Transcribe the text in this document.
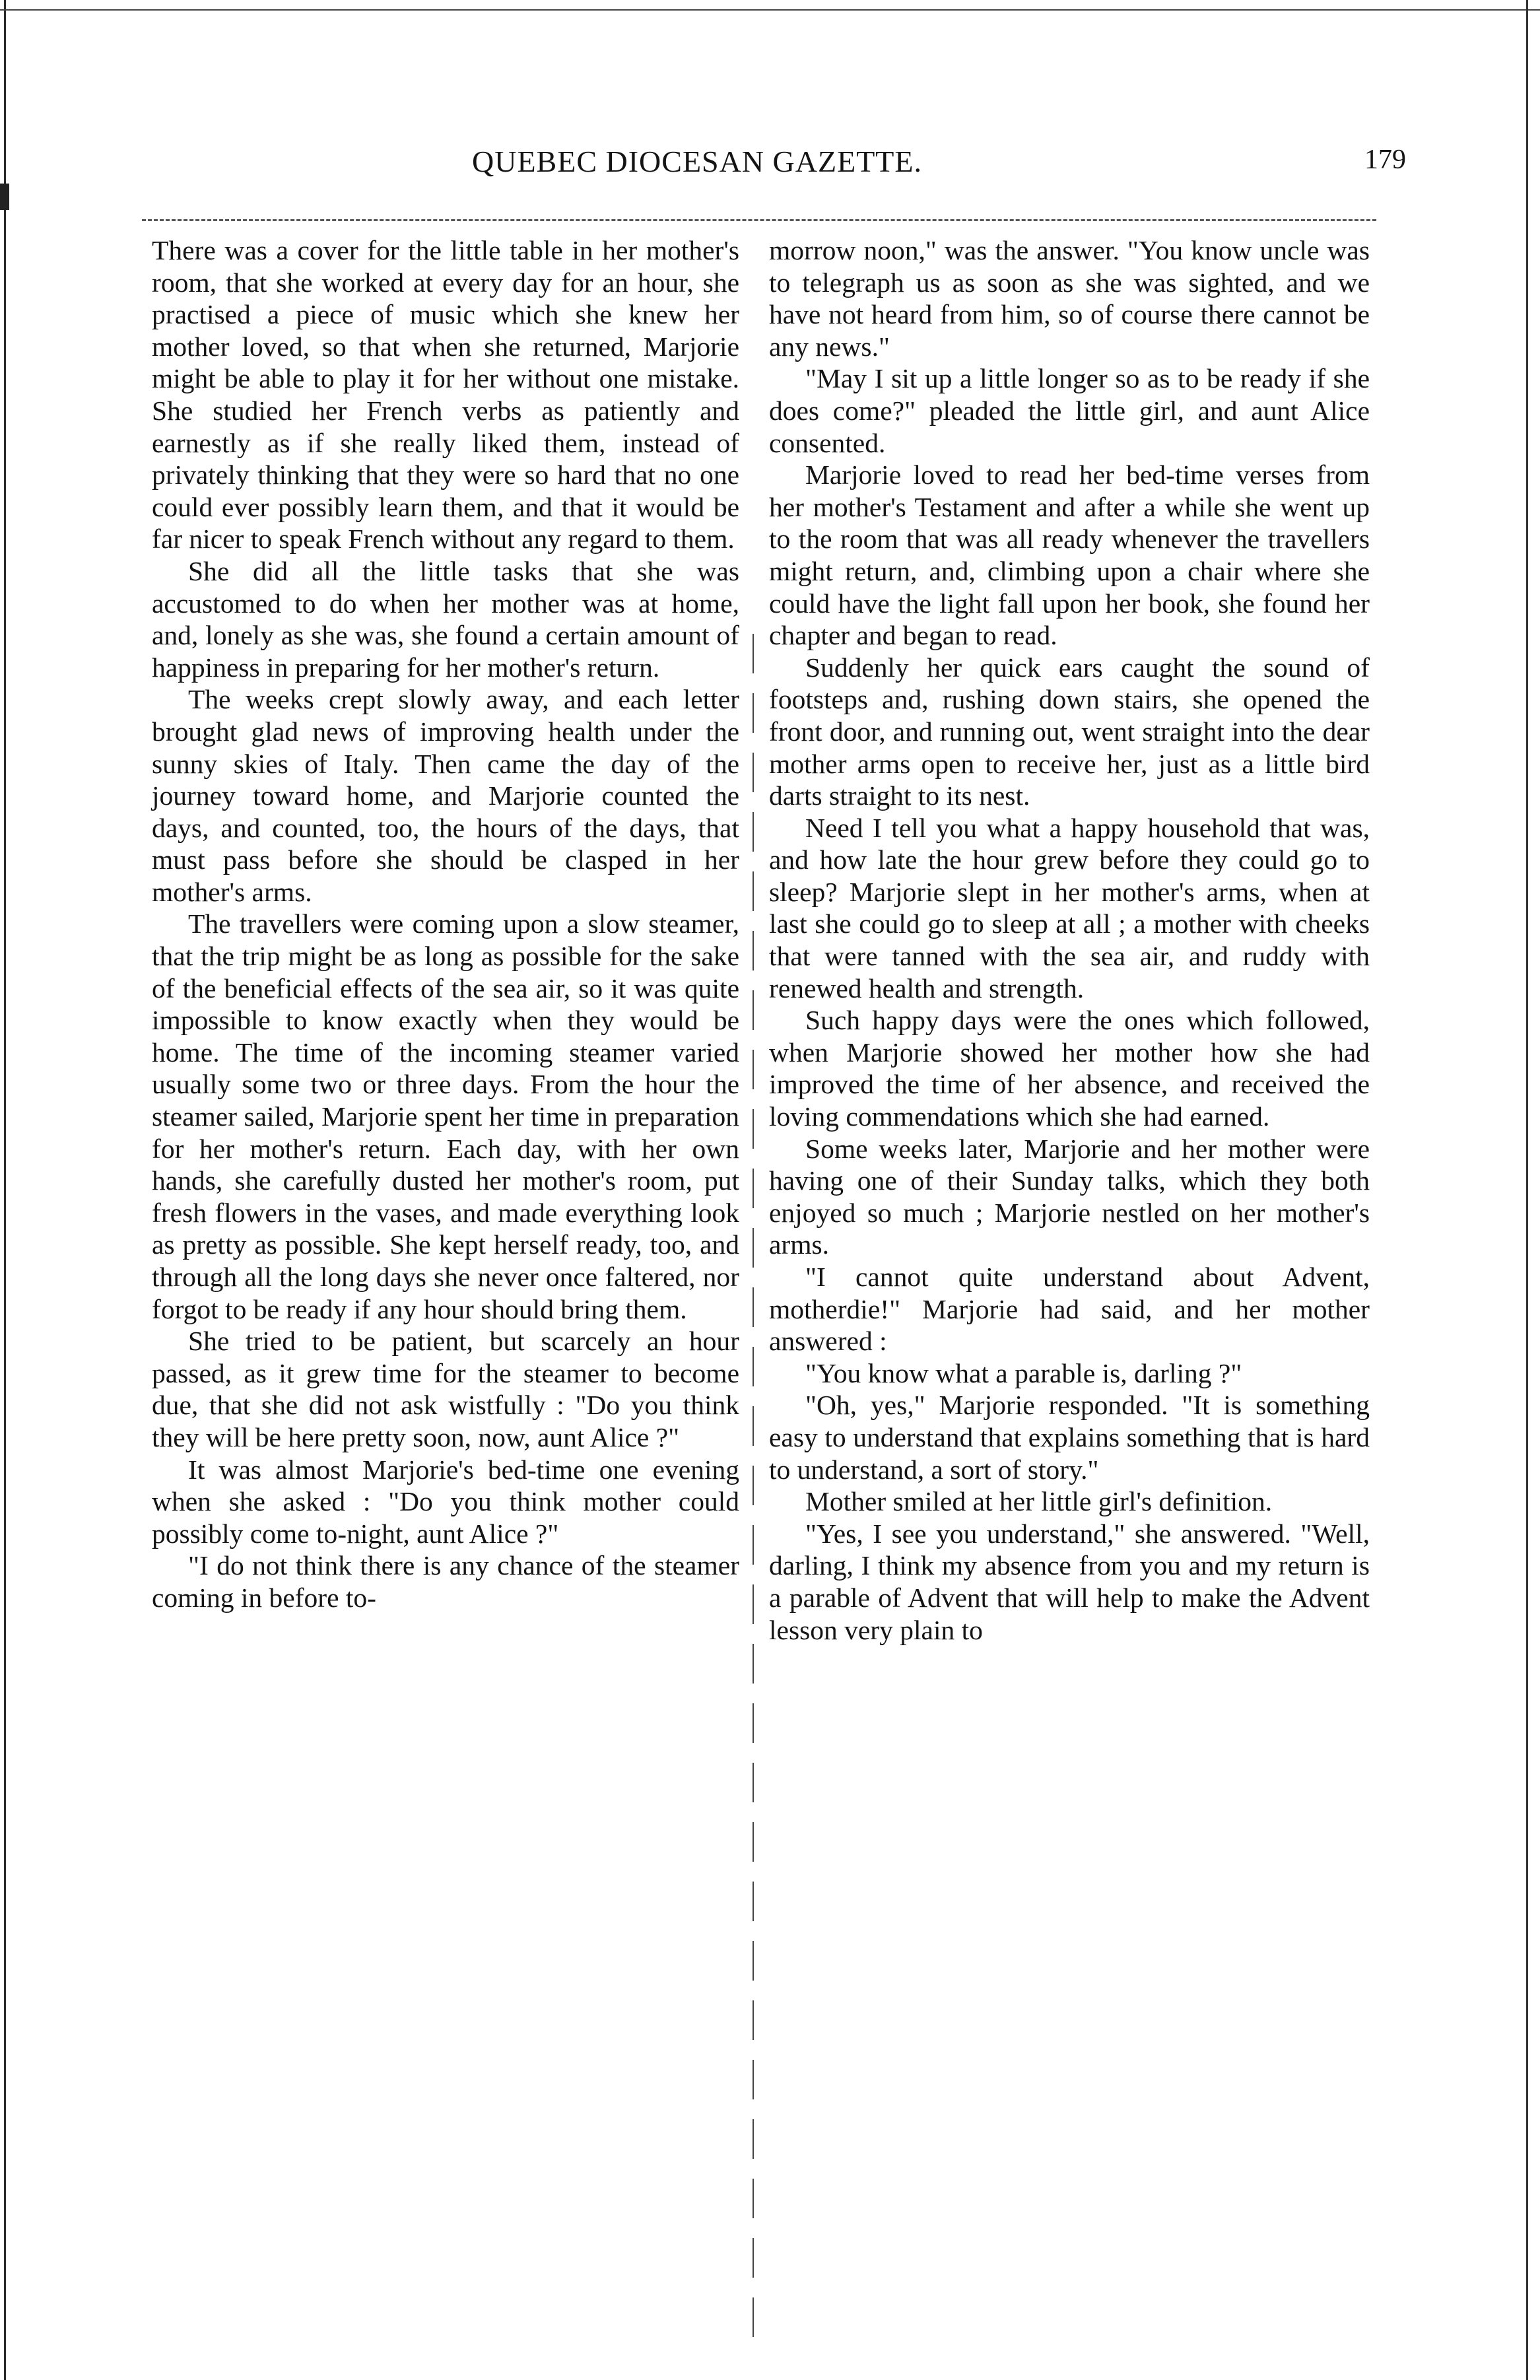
QUEBEC DIOCESAN GAZETTE.	179

There was a cover for the little table in her mother's room, that she worked at every day for an hour, she practised a piece of music which she knew her mother loved, so that when she returned, Marjorie might be able to play it for her without one mistake. She studied her French verbs as patiently and earnestly as if she really liked them, instead of privately thinking that they were so hard that no one could ever possibly learn them, and that it would be far nicer to speak French without any regard to them.

She did all the little tasks that she was accustomed to do when her mother was at home, and, lonely as she was, she found a certain amount of happiness in preparing for her mother's return.

The weeks crept slowly away, and each letter brought glad news of improving health under the sunny skies of Italy. Then came the day of the journey toward home, and Marjorie counted the days, and counted, too, the hours of the days, that must pass before she should be clasped in her mother's arms.

The travellers were coming upon a slow steamer, that the trip might be as long as possible for the sake of the beneficial effects of the sea air, so it was quite impossible to know exactly when they would be home. The time of the incoming steamer varied usually some two or three days. From the hour the steamer sailed, Marjorie spent her time in preparation for her mother's return. Each day, with her own hands, she carefully dusted her mother's room, put fresh flowers in the vases, and made everything look as pretty as possible. She kept herself ready, too, and through all the long days she never once faltered, nor forgot to be ready if any hour should bring them.

She tried to be patient, but scarcely an hour passed, as it grew time for the steamer to become due, that she did not ask wistfully : "Do you think they will be here pretty soon, now, aunt Alice ?"

It was almost Marjorie's bed-time one evening when she asked : "Do you think mother could possibly come to-night, aunt Alice ?"

"I do not think there is any chance of the steamer coming in before to-

morrow noon," was the answer. "You know uncle was to telegraph us as soon as she was sighted, and we have not heard from him, so of course there cannot be any news."

"May I sit up a little longer so as to be ready if she does come?" pleaded the little girl, and aunt Alice consented.

Marjorie loved to read her bed-time verses from her mother's Testament and after a while she went up to the room that was all ready whenever the travellers might return, and, climbing upon a chair where she could have the light fall upon her book, she found her chapter and began to read.

Suddenly her quick ears caught the sound of footsteps and, rushing down stairs, she opened the front door, and running out, went straight into the dear mother arms open to receive her, just as a little bird darts straight to its nest.

Need I tell you what a happy household that was, and how late the hour grew before they could go to sleep? Marjorie slept in her mother's arms, when at last she could go to sleep at all ; a mother with cheeks that were tanned with the sea air, and ruddy with renewed health and strength.

Such happy days were the ones which followed, when Marjorie showed her mother how she had improved the time of her absence, and received the loving commendations which she had earned.

Some weeks later, Marjorie and her mother were having one of their Sunday talks, which they both enjoyed so much ; Marjorie nestled on her mother's arms.

"I cannot quite understand about Advent, motherdie!" Marjorie had said, and her mother answered :

"You know what a parable is, darling ?"

"Oh, yes," Marjorie responded. "It is something easy to understand that explains something that is hard to understand, a sort of story."

Mother smiled at her little girl's definition.

"Yes, I see you understand," she answered. "Well, darling, I think my absence from you and my return is a parable of Advent that will help to make the Advent lesson very plain to
